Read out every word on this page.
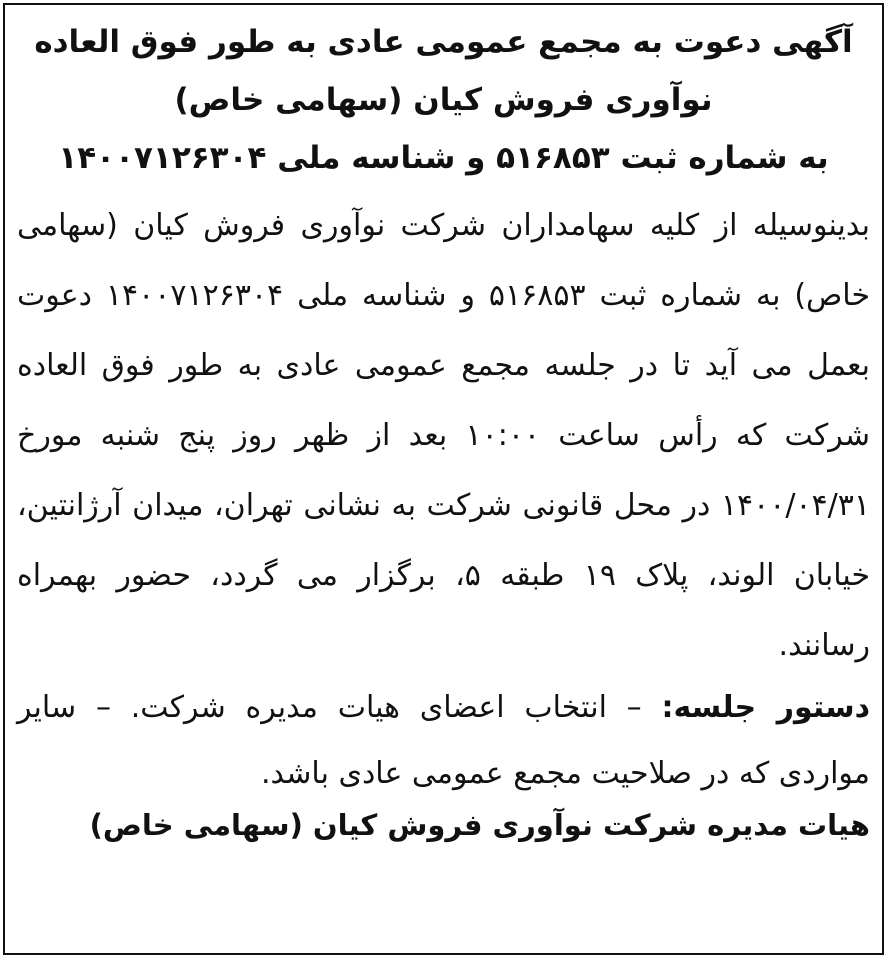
آگهی دعوت به مجمع عمومی عادی به طور فوق العاده
نوآوری فروش کیان (سهامی خاص)
به شماره ثبت ۵۱۶۸۵۳ و شناسه ملی ۱۴۰۰۷۱۲۶۳۰۴
بدینوسیله از کلیه سهامداران شرکت نوآوری فروش کیان (سهامی خاص) به شماره ثبت ۵۱۶۸۵۳ و شناسه ملی ۱۴۰۰۷۱۲۶۳۰۴ دعوت بعمل می آید تا در جلسه مجمع عمومی عادی به طور فوق العاده شرکت که رأس ساعت ۱۰:۰۰ بعد از ظهر روز پنج شنبه مورخ ۱۴۰۰/۰۴/۳۱ در محل قانونی شرکت به نشانی تهران، میدان آرژانتین، خیابان الوند، پلاک ۱۹ طبقه ۵، برگزار می گردد، حضور بهمراه رسانند.
دستور جلسه: – انتخاب اعضای هیات مدیره شرکت. – سایر مواردی که در صلاحیت مجمع عمومی عادی باشد.
هیات مدیره شرکت نوآوری فروش کیان (سهامی خاص)
